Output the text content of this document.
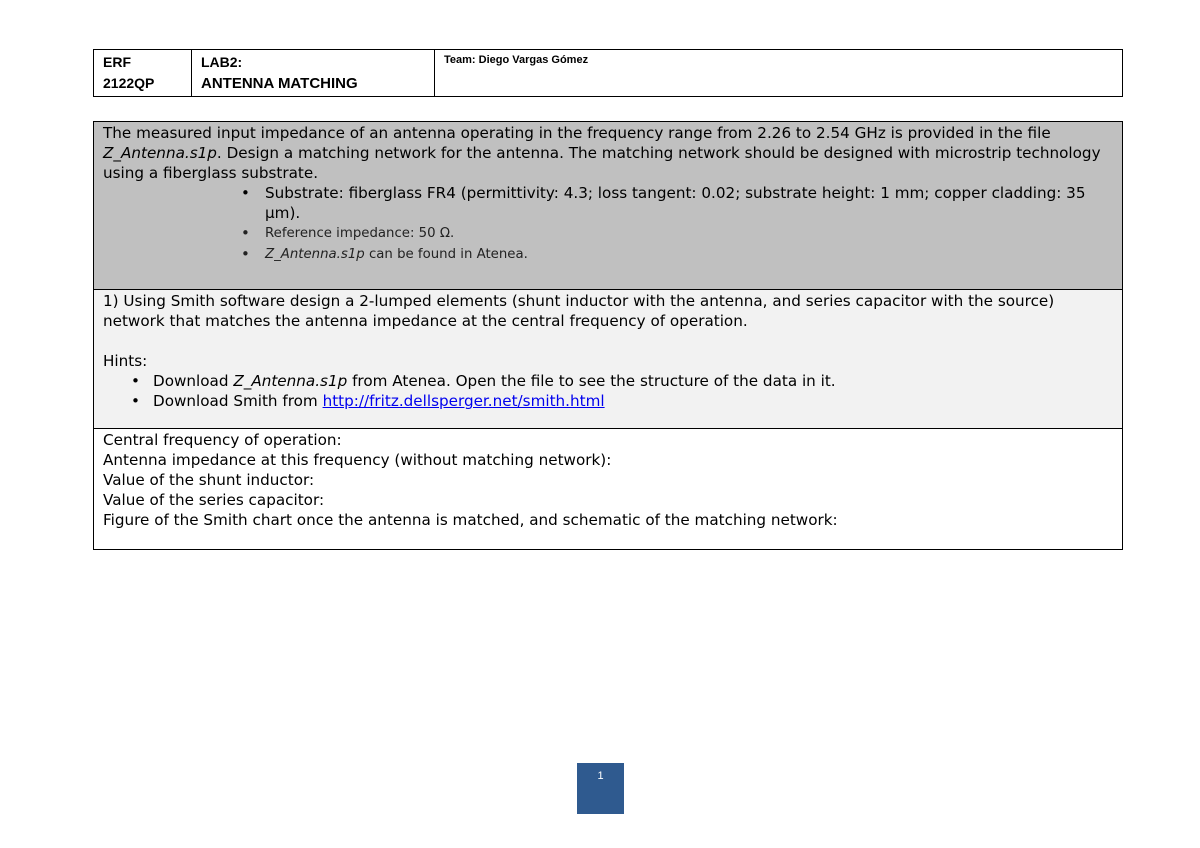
ERF
2122QP
LAB2:
ANTENNA MATCHING
Team: Diego Vargas Gómez

The measured input impedance of an antenna operating in the frequency range from 2.26 to 2.54 GHz is provided in the file Z_Antenna.s1p. Design a matching network for the antenna. The matching network should be designed with microstrip technology using a fiberglass substrate.

• Substrate: fiberglass FR4 (permittivity: 4.3; loss tangent: 0.02; substrate height: 1 mm; copper cladding: 35 µm).
• Reference impedance: 50 Ω.
• Z_Antenna.s1p can be found in Atenea.

1) Using Smith software design a 2-lumped elements (shunt inductor with the antenna, and series capacitor with the source) network that matches the antenna impedance at the central frequency of operation.

Hints:

• Download Z_Antenna.s1p from Atenea. Open the file to see the structure of the data in it.
• Download Smith from http://fritz.dellsperger.net/smith.html

Central frequency of operation:

Antenna impedance at this frequency (without matching network):

Value of the shunt inductor:

Value of the series capacitor:

Figure of the Smith chart once the antenna is matched, and schematic of the matching network:

1
